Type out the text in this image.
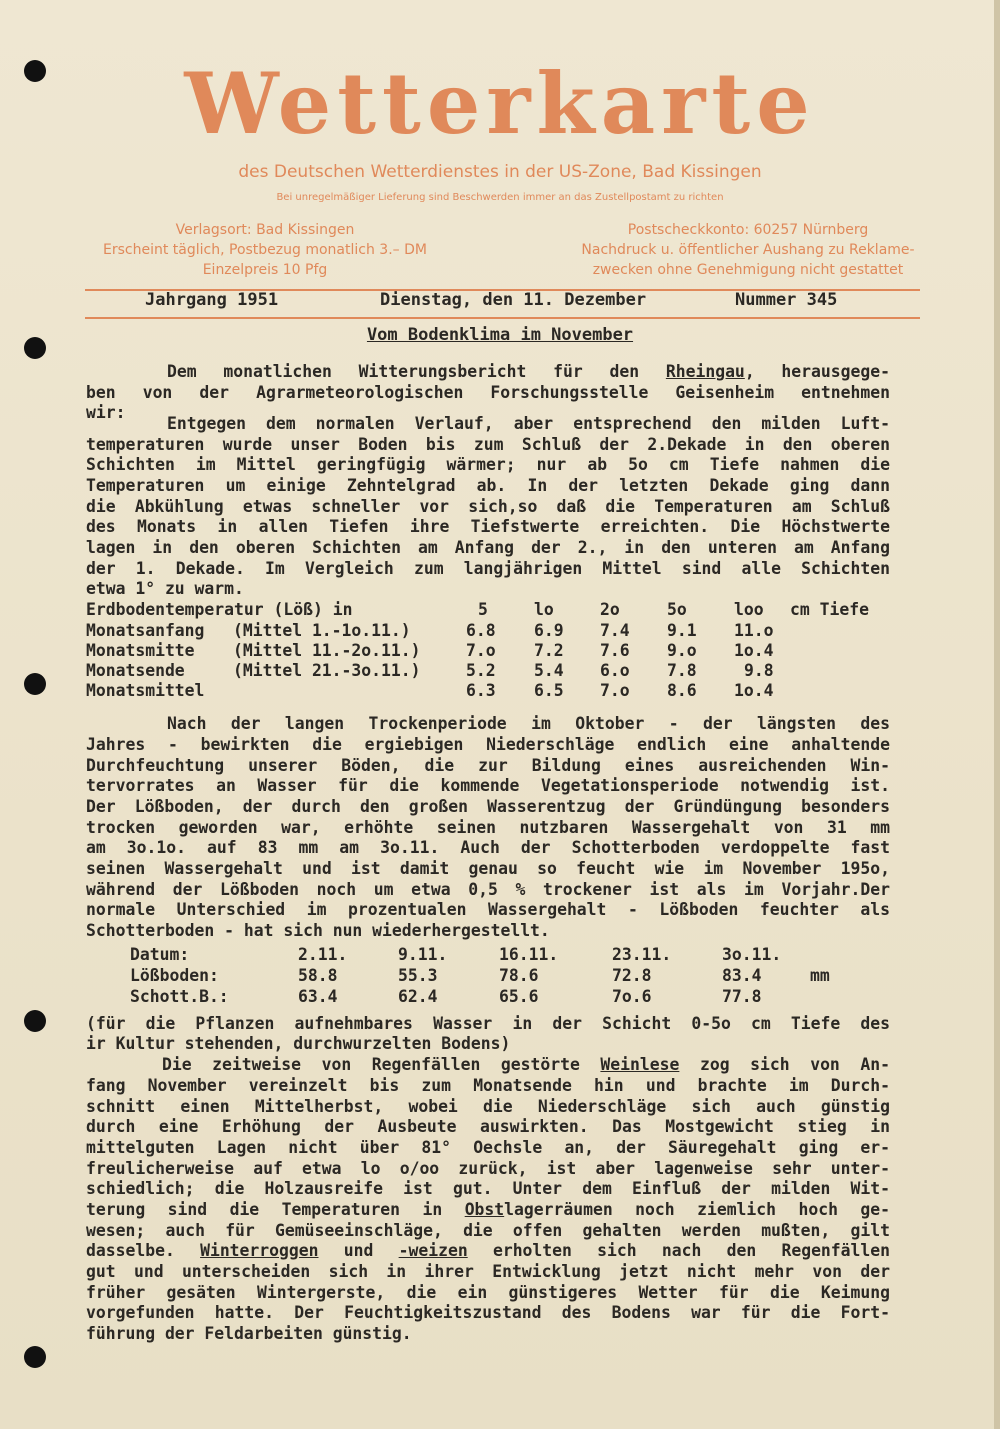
Wetterkarte
des Deutschen Wetterdienstes in der US-Zone, Bad Kissingen
Bei unregelmäßiger Lieferung sind Beschwerden immer an das Zustellpostamt zu richten
Verlagsort: Bad Kissingen
Erscheint täglich, Postbezug monatlich 3.– DM
Einzelpreis 10 Pfg
Postscheckkonto: 60257 Nürnberg
Nachdruck u. öffentlicher Aushang zu Reklame-
zwecken ohne Genehmigung nicht gestattet
Jahrgang 1951	Dienstag, den 11. Dezember	Nummer 345
Vom Bodenklima im November
Dem monatlichen Witterungsbericht für den Rheingau, herausgege-
ben von der Agrarmeteorologischen Forschungsstelle Geisenheim entnehmen
wir:
Entgegen dem normalen Verlauf, aber entsprechend den milden Luft-
temperaturen wurde unser Boden bis zum Schluß der 2.Dekade in den oberen
Schichten im Mittel geringfügig wärmer; nur ab 5o cm Tiefe nahmen die
Temperaturen um einige Zehntelgrad ab. In der letzten Dekade ging dann
die Abkühlung etwas schneller vor sich,so daß die Temperaturen am Schluß
des Monats in allen Tiefen ihre Tiefstwerte erreichten. Die Höchstwerte
lagen in den oberen Schichten am Anfang der 2., in den unteren am Anfang
der 1. Dekade. Im Vergleich zum langjährigen Mittel sind alle Schichten
etwa 1° zu warm.
Erdbodentemperatur (Löß) in	5	lo	2o	5o	loo cm Tiefe
Monatsanfang (Mittel 1.-1o.11.)	6.8 6.9 7.4 9.1 11.o
Monatsmitte (Mittel 11.-2o.11.)	7.o 7.2 7.6 9.o 1o.4
Monatsende	(Mittel 21.-3o.11.)	5.2 5.4 6.o 7.8	9.8
Monatsmittel	6.3 6.5 7.o 8.6 1o.4
Nach der langen Trockenperiode im Oktober - der längsten des
Jahres - bewirkten die ergiebigen Niederschläge endlich eine anhaltende
Durchfeuchtung unserer Böden, die zur Bildung eines ausreichenden Win-
tervorrates an Wasser für die kommende Vegetationsperiode notwendig ist.
Der Lößboden, der durch den großen Wasserentzug der Gründüngung besonders
trocken geworden war, erhöhte seinen nutzbaren Wassergehalt von 31 mm
am 3o.1o. auf 83 mm am 3o.11. Auch der Schotterboden verdoppelte fast
seinen Wassergehalt und ist damit genau so feucht wie im November 195o,
während der Lößboden noch um etwa 0,5 % trockener ist als im Vorjahr.Der
normale Unterschied im prozentualen Wassergehalt - Lößboden feuchter als
Schotterboden - hat sich nun wiederhergestellt.
Datum:	2.11.	9.11.	16.11.	23.11.	3o.11.
Lößboden:	58.8	55.3	78.6	72.8	83.4	mm
Schott.B.:	63.4	62.4	65.6	7o.6	77.8
(für die Pflanzen aufnehmbares Wasser in der Schicht 0-5o cm Tiefe des
ir Kultur stehenden, durchwurzelten Bodens)
Die zeitweise von Regenfällen gestörte Weinlese zog sich von An-
fang November vereinzelt bis zum Monatsende hin und brachte im Durch-
schnitt einen Mittelherbst, wobei die Niederschläge sich auch günstig
durch eine Erhöhung der Ausbeute auswirkten. Das Mostgewicht stieg in
mittelguten Lagen nicht über 81° Oechsle an, der Säuregehalt ging er-
freulicherweise auf etwa lo o/oo zurück, ist aber lagenweise sehr unter-
schiedlich; die Holzausreife ist gut. Unter dem Einfluß der milden Wit-
terung sind die Temperaturen in Obstlagerräumen noch ziemlich hoch ge-
wesen; auch für Gemüseeinschläge, die offen gehalten werden mußten, gilt
dasselbe. Winterroggen und -weizen erholten sich nach den Regenfällen
gut und unterscheiden sich in ihrer Entwicklung jetzt nicht mehr von der
früher gesäten Wintergerste, die ein günstigeres Wetter für die Keimung
vorgefunden hatte. Der Feuchtigkeitszustand des Bodens war für die Fort-
führung der Feldarbeiten günstig.
